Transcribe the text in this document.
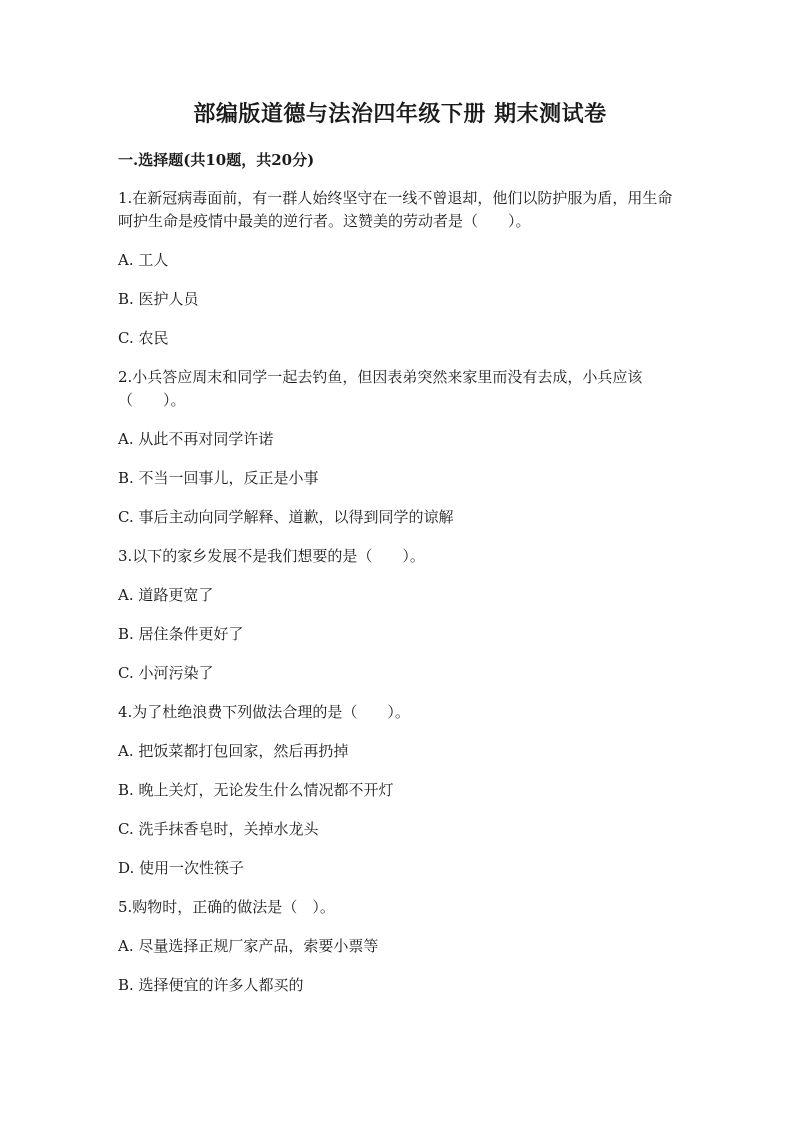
部编版道德与法治四年级下册 期末测试卷
一.选择题(共10题，共20分)
1.在新冠病毒面前，有一群人始终坚守在一线不曾退却，他们以防护服为盾，用生命呵护生命是疫情中最美的逆行者。这赞美的劳动者是（　　）。
A. 工人
B. 医护人员
C. 农民
2.小兵答应周末和同学一起去钓鱼，但因表弟突然来家里而没有去成，小兵应该（　　）。
A. 从此不再对同学许诺
B. 不当一回事儿，反正是小事
C. 事后主动向同学解释、道歉，以得到同学的谅解
3.以下的家乡发展不是我们想要的是（　　）。
A. 道路更宽了
B. 居住条件更好了
C. 小河污染了
4.为了杜绝浪费下列做法合理的是（　　）。
A. 把饭菜都打包回家，然后再扔掉
B. 晚上关灯，无论发生什么情况都不开灯
C. 洗手抹香皂时，关掉水龙头
D. 使用一次性筷子
5.购物时，正确的做法是（　）。
A. 尽量选择正规厂家产品，索要小票等
B. 选择便宜的许多人都买的
